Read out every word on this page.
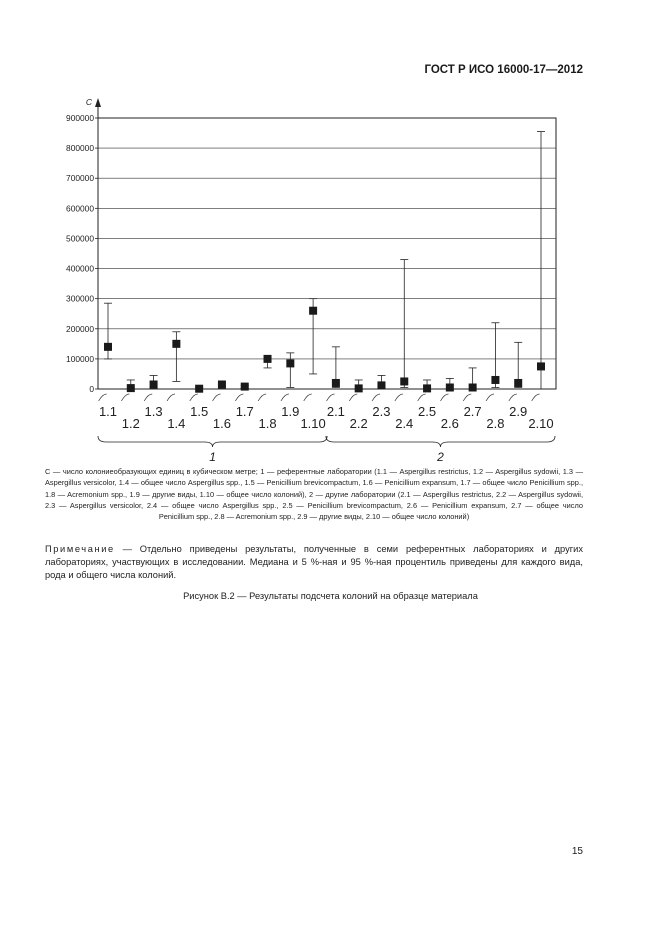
ГОСТ Р ИСО 16000-17—2012
0
100000
200000
300000
400000
500000
600000
700000
800000
900000
C
1.1
1.2
1.3
1.4
1.5
1.6
1.7
1.8
1.9
1.10
2.1
2.2
2.3
2.4
2.5
2.6
2.7
2.8
2.9
2.10
1	2
C — число колониеобразующих единиц в кубическом метре; 1 — референтные лаборатории (1.1 — Aspergillus restrictus, 1.2 — Aspergillus sydowii, 1.3 — Aspergillus versicolor, 1.4 — общее число Aspergillus spp., 1.5 — Penicillium brevicompactum, 1.6 — Penicillium expansum, 1.7 — общее число Penicillium spp., 1.8 — Acremonium spp., 1.9 — другие виды, 1.10 — общее число колоний), 2 — другие лаборатории (2.1 — Aspergillus restrictus, 2.2 — Aspergillus sydowii, 2.3 — Aspergillus versicolor, 2.4 — общее число Aspergillus spp., 2.5 — Penicillium brevicompactum, 2.6 — Penicillium expansum, 2.7 — общее число Penicillium spp., 2.8 — Acremonium spp., 2.9 — другие виды, 2.10 — общее число колоний)
Примечание — Отдельно приведены результаты, полученные в семи референтных лабораториях и других лабораториях, участвующих в исследовании. Медиана и 5 %-ная и 95 %-ная процентиль приведены для каждого вида, рода и общего числа колоний.
Рисунок В.2 — Результаты подсчета колоний на образце материала
15
